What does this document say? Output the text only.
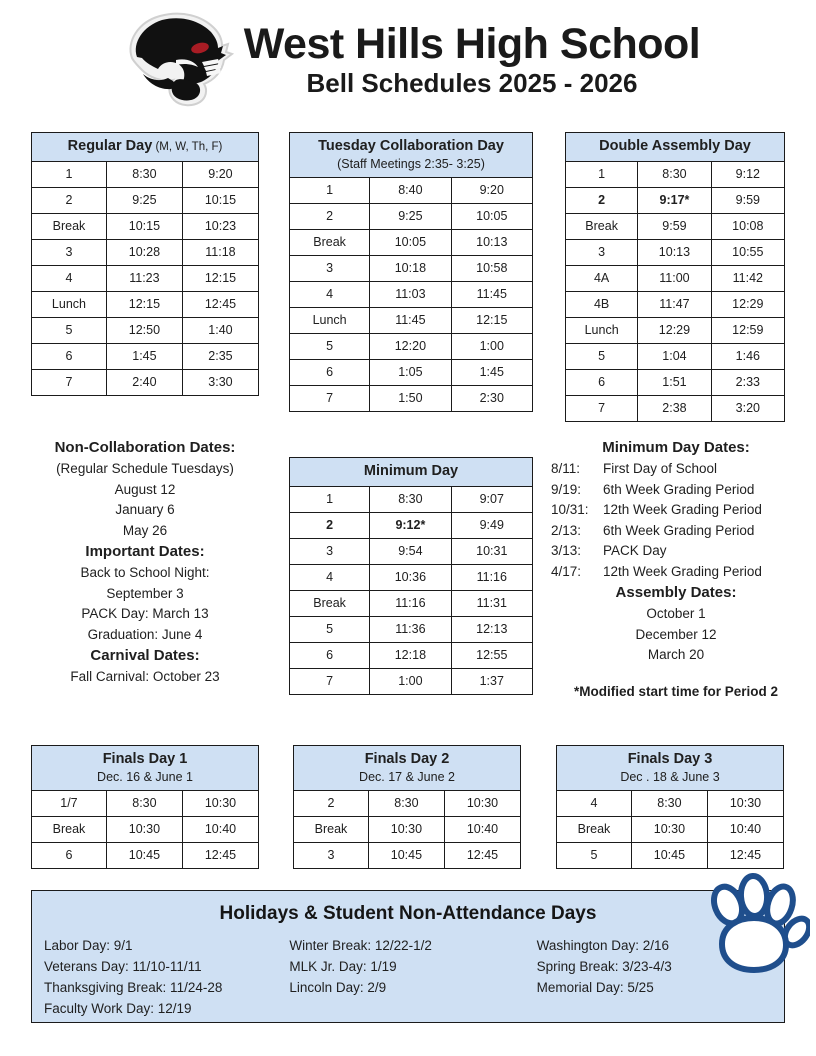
West Hills High School
Bell Schedules 2025 - 2026
Regular Day (M, W, Th, F)		
1	8:30	9:20
2	9:25	10:15
Break	10:15	10:23
3	10:28	11:18
4	11:23	12:15
Lunch	12:15	12:45
5	12:50	1:40
6	1:45	2:35
7	2:40	3:30
Tuesday Collaboration Day
(Staff Meetings 2:35- 3:25)		

1	8:40	9:20
2	9:25	10:05
Break	10:05	10:13
3	10:18	10:58
4	11:03	11:45
Lunch	11:45	12:15
5	12:20	1:00
6	1:05	1:45
7	1:50	2:30
Double Assembly Day		
1	8:30	9:12
2	9:17*	9:59
Break	9:59	10:08
3	10:13	10:55
4A	11:00	11:42
4B	11:47	12:29
Lunch	12:29	12:59
5	1:04	1:46
6	1:51	2:33
7	2:38	3:20
Minimum Day		
1	8:30	9:07
2	9:12*	9:49
3	9:54	10:31
4	10:36	11:16
Break	11:16	11:31
5	11:36	12:13
6	12:18	12:55
7	1:00	1:37
Finals Day 1
Dec. 16 & June 1		

1/7	8:30	10:30
Break	10:30	10:40
6	10:45	12:45
Finals Day 2
Dec. 17 & June 2		

2	8:30	10:30
Break	10:30	10:40
3	10:45	12:45
Finals Day 3
Dec . 18 & June 3		

4	8:30	10:30
Break	10:30	10:40
5	10:45	12:45
Non-Collaboration Dates:
(Regular Schedule Tuesdays)
August 12
January 6
May 26
Important Dates:
Back to School Night:
September 3
PACK Day: March 13
Graduation: June 4
Carnival Dates:
Fall Carnival: October 23
Minimum Day Dates:
8/11:	First Day of School
9/19:	6th Week Grading Period
10/31:	12th Week Grading Period
2/13:	6th Week Grading Period
3/13:	PACK Day
4/17:	12th Week Grading Period
Assembly Dates:
October 1
December 12
March 20
*Modified start time for Period 2
Holidays & Student Non-Attendance Days
Labor Day: 9/1
Veterans Day: 11/10-11/11
Thanksgiving Break: 11/24-28
Faculty Work Day: 12/19
Winter Break: 12/22-1/2
MLK Jr. Day: 1/19
Lincoln Day: 2/9
Washington Day: 2/16
Spring Break: 3/23-4/3
Memorial Day: 5/25
